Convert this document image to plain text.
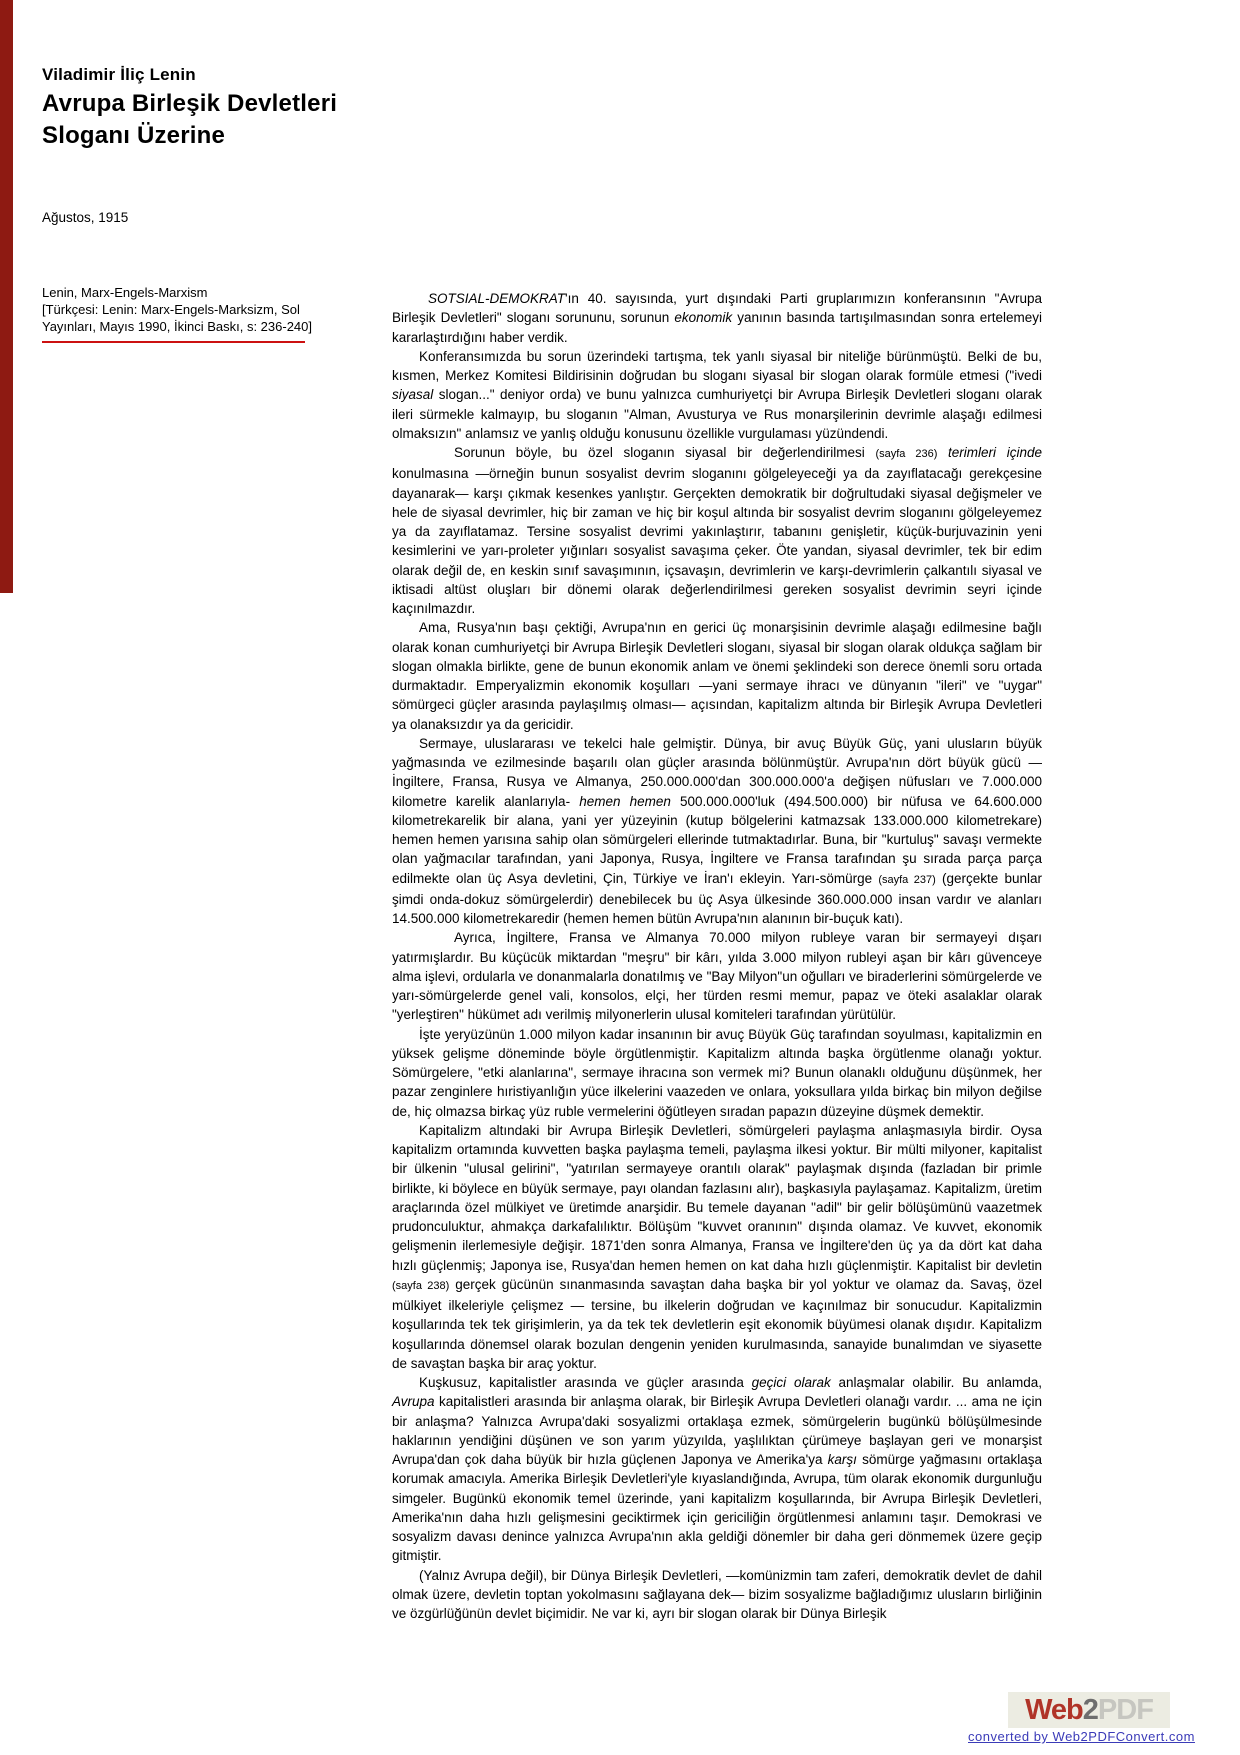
Viladimir İliç Lenin
Avrupa Birleşik Devletleri
Sloganı Üzerine
Ağustos, 1915
Lenin, Marx-Engels-Marxism
[Türkçesi: Lenin: Marx-Engels-Marksizm, Sol
Yayınları, Mayıs 1990, İkinci Baskı, s: 236-240]

SOTSIAL-DEMOKRAT'ın 40. sayısında, yurt dışındaki Parti gruplarımızın konferansının "Avrupa Birleşik Devletleri" sloganı sorununu, sorunun ekonomik yanının basında tartışılmasından sonra ertelemeyi kararlaştırdığını haber verdik.

Konferansımızda bu sorun üzerindeki tartışma, tek yanlı siyasal bir niteliğe bürünmüştü. Belki de bu, kısmen, Merkez Komitesi Bildirisinin doğrudan bu sloganı siyasal bir slogan olarak formüle etmesi ("ivedi siyasal slogan..." deniyor orda) ve bunu yalnızca cumhuriyetçi bir Avrupa Birleşik Devletleri sloganı olarak ileri sürmekle kalmayıp, bu sloganın "Alman, Avusturya ve Rus monarşilerinin devrimle alaşağı edilmesi olmaksızın" anlamsız ve yanlış olduğu konusunu özellikle vurgulaması yüzündendi.

Sorunun böyle, bu özel sloganın siyasal bir değerlendirilmesi (sayfa 236) terimleri içinde konulmasına —örneğin bunun sosyalist devrim sloganını gölgeleyeceği ya da zayıflatacağı gerekçesine dayanarak— karşı çıkmak kesenkes yanlıştır. Gerçekten demokratik bir doğrultudaki siyasal değişmeler ve hele de siyasal devrimler, hiç bir zaman ve hiç bir koşul altında bir sosyalist devrim sloganını gölgeleyemez ya da zayıflatamaz. Tersine sosyalist devrimi yakınlaştırır, tabanını genişletir, küçük-burjuvazinin yeni kesimlerini ve yarı-proleter yığınları sosyalist savaşıma çeker. Öte yandan, siyasal devrimler, tek bir edim olarak değil de, en keskin sınıf savaşımının, içsavaşın, devrimlerin ve karşı-devrimlerin çalkantılı siyasal ve iktisadi altüst oluşları bir dönemi olarak değerlendirilmesi gereken sosyalist devrimin seyri içinde kaçınılmazdır.

Ama, Rusya'nın başı çektiği, Avrupa'nın en gerici üç monarşisinin devrimle alaşağı edilmesine bağlı olarak konan cumhuriyetçi bir Avrupa Birleşik Devletleri sloganı, siyasal bir slogan olarak oldukça sağlam bir slogan olmakla birlikte, gene de bunun ekonomik anlam ve önemi şeklindeki son derece önemli soru ortada durmaktadır. Emperyalizmin ekonomik koşulları —yani sermaye ihracı ve dünyanın "ileri" ve "uygar" sömürgeci güçler arasında paylaşılmış olması— açısından, kapitalizm altında bir Birleşik Avrupa Devletleri ya olanaksızdır ya da gericidir.

Sermaye, uluslararası ve tekelci hale gelmiştir. Dünya, bir avuç Büyük Güç, yani ulusların büyük yağmasında ve ezilmesinde başarılı olan güçler arasında bölünmüştür. Avrupa'nın dört büyük gücü —İngiltere, Fransa, Rusya ve Almanya, 250.000.000'dan 300.000.000'a değişen nüfusları ve 7.000.000 kilometre karelik alanlarıyla- hemen hemen 500.000.000'luk (494.500.000) bir nüfusa ve 64.600.000 kilometrekarelik bir alana, yani yer yüzeyinin (kutup bölgelerini katmazsak 133.000.000 kilometrekare) hemen hemen yarısına sahip olan sömürgeleri ellerinde tutmaktadırlar. Buna, bir "kurtuluş" savaşı vermekte olan yağmacılar tarafından, yani Japonya, Rusya, İngiltere ve Fransa tarafından şu sırada parça parça edilmekte olan üç Asya devletini, Çin, Türkiye ve İran'ı ekleyin. Yarı-sömürge (sayfa 237) (gerçekte bunlar şimdi onda-dokuz sömürgelerdir) denebilecek bu üç Asya ülkesinde 360.000.000 insan vardır ve alanları 14.500.000 kilometrekaredir (hemen hemen bütün Avrupa'nın alanının bir-buçuk katı).

Ayrıca, İngiltere, Fransa ve Almanya 70.000 milyon rubleye varan bir sermayeyi dışarı yatırmışlardır. Bu küçücük miktardan "meşru" bir kârı, yılda 3.000 milyon rubleyi aşan bir kârı güvenceye alma işlevi, ordularla ve donanmalarla donatılmış ve "Bay Milyon"un oğulları ve biraderlerini sömürgelerde ve yarı-sömürgelerde genel vali, konsolos, elçi, her türden resmi memur, papaz ve öteki asalaklar olarak "yerleştiren" hükümet adı verilmiş milyonerlerin ulusal komiteleri tarafından yürütülür.

İşte yeryüzünün 1.000 milyon kadar insanının bir avuç Büyük Güç tarafından soyulması, kapitalizmin en yüksek gelişme döneminde böyle örgütlenmiştir. Kapitalizm altında başka örgütlenme olanağı yoktur. Sömürgelere, "etki alanlarına", sermaye ihracına son vermek mi? Bunun olanaklı olduğunu düşünmek, her pazar zenginlere hıristiyanlığın yüce ilkelerini vaazeden ve onlara, yoksullara yılda birkaç bin milyon değilse de, hiç olmazsa birkaç yüz ruble vermelerini öğütleyen sıradan papazın düzeyine düşmek demektir.

Kapitalizm altındaki bir Avrupa Birleşik Devletleri, sömürgeleri paylaşma anlaşmasıyla birdir. Oysa kapitalizm ortamında kuvvetten başka paylaşma temeli, paylaşma ilkesi yoktur. Bir mülti milyoner, kapitalist bir ülkenin "ulusal gelirini", "yatırılan sermayeye orantılı olarak" paylaşmak dışında (fazladan bir primle birlikte, ki böylece en büyük sermaye, payı olandan fazlasını alır), başkasıyla paylaşamaz. Kapitalizm, üretim araçlarında özel mülkiyet ve üretimde anarşidir. Bu temele dayanan "adil" bir gelir bölüşümünü vaazetmek prudonculuktur, ahmakça darkafalılıktır. Bölüşüm "kuvvet oranının" dışında olamaz. Ve kuvvet, ekonomik gelişmenin ilerlemesiyle değişir. 1871'den sonra Almanya, Fransa ve İngiltere'den üç ya da dört kat daha hızlı güçlenmiş; Japonya ise, Rusya'dan hemen hemen on kat daha hızlı güçlenmiştir. Kapitalist bir devletin (sayfa 238) gerçek gücünün sınanmasında savaştan daha başka bir yol yoktur ve olamaz da. Savaş, özel mülkiyet ilkeleriyle çelişmez — tersine, bu ilkelerin doğrudan ve kaçınılmaz bir sonucudur. Kapitalizmin koşullarında tek tek girişimlerin, ya da tek tek devletlerin eşit ekonomik büyümesi olanak dışıdır. Kapitalizm koşullarında dönemsel olarak bozulan dengenin yeniden kurulmasında, sanayide bunalımdan ve siyasette de savaştan başka bir araç yoktur.

Kuşkusuz, kapitalistler arasında ve güçler arasında geçici olarak anlaşmalar olabilir. Bu anlamda, Avrupa kapitalistleri arasında bir anlaşma olarak, bir Birleşik Avrupa Devletleri olanağı vardır. ... ama ne için bir anlaşma? Yalnızca Avrupa'daki sosyalizmi ortaklaşa ezmek, sömürgelerin bugünkü bölüşülmesinde haklarının yendiğini düşünen ve son yarım yüzyılda, yaşlılıktan çürümeye başlayan geri ve monarşist Avrupa'dan çok daha büyük bir hızla güçlenen Japonya ve Amerika'ya karşı sömürge yağmasını ortaklaşa korumak amacıyla. Amerika Birleşik Devletleri'yle kıyaslandığında, Avrupa, tüm olarak ekonomik durgunluğu simgeler. Bugünkü ekonomik temel üzerinde, yani kapitalizm koşullarında, bir Avrupa Birleşik Devletleri, Amerika'nın daha hızlı gelişmesini geciktirmek için gericiliğin örgütlenmesi anlamını taşır. Demokrasi ve sosyalizm davası denince yalnızca Avrupa'nın akla geldiği dönemler bir daha geri dönmemek üzere geçip gitmiştir.

(Yalnız Avrupa değil), bir Dünya Birleşik Devletleri, —komünizmin tam zaferi, demokratik devlet de dahil olmak üzere, devletin toptan yokolmasını sağlayana dek— bizim sosyalizme bağladığımız ulusların birliğinin ve özgürlüğünün devlet biçimidir. Ne var ki, ayrı bir slogan olarak bir Dünya Birleşik

Web 2 PDF
converted by Web2PDFConvert.com
